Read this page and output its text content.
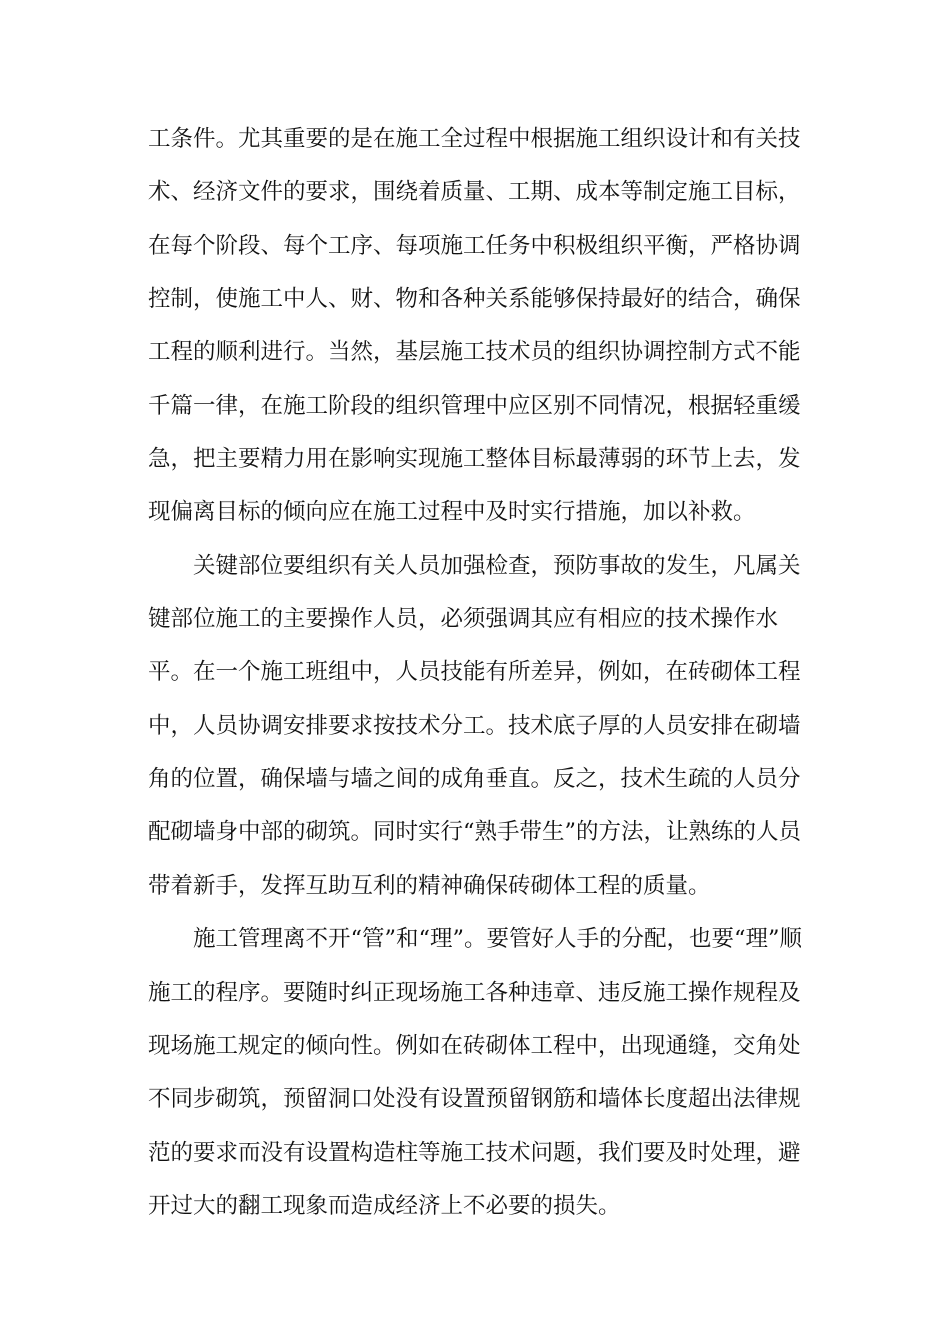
工条件。尤其重要的是在施工全过程中根据施工组织设计和有关技
术、经济文件的要求，围绕着质量、工期、成本等制定施工目标，
在每个阶段、每个工序、每项施工任务中积极组织平衡，严格协调
控制，使施工中人、财、物和各种关系能够保持最好的结合，确保
工程的顺利进行。当然，基层施工技术员的组织协调控制方式不能
千篇一律，在施工阶段的组织管理中应区别不同情况，根据轻重缓
急，把主要精力用在影响实现施工整体目标最薄弱的环节上去，发
现偏离目标的倾向应在施工过程中及时实行措施，加以补救。
关键部位要组织有关人员加强检查，预防事故的发生，凡属关
键部位施工的主要操作人员，必须强调其应有相应的技术操作水
平。在一个施工班组中，人员技能有所差异，例如，在砖砌体工程
中，人员协调安排要求按技术分工。技术底子厚的人员安排在砌墙
角的位置，确保墙与墙之间的成角垂直。反之，技术生疏的人员分
配砌墙身中部的砌筑。同时实行“熟手带生”的方法，让熟练的人员
带着新手，发挥互助互利的精神确保砖砌体工程的质量。
施工管理离不开“管”和“理”。要管好人手的分配，也要“理”顺
施工的程序。要随时纠正现场施工各种违章、违反施工操作规程及
现场施工规定的倾向性。例如在砖砌体工程中，出现通缝，交角处
不同步砌筑，预留洞口处没有设置预留钢筋和墙体长度超出法律规
范的要求而没有设置构造柱等施工技术问题，我们要及时处理，避
开过大的翻工现象而造成经济上不必要的损失。
